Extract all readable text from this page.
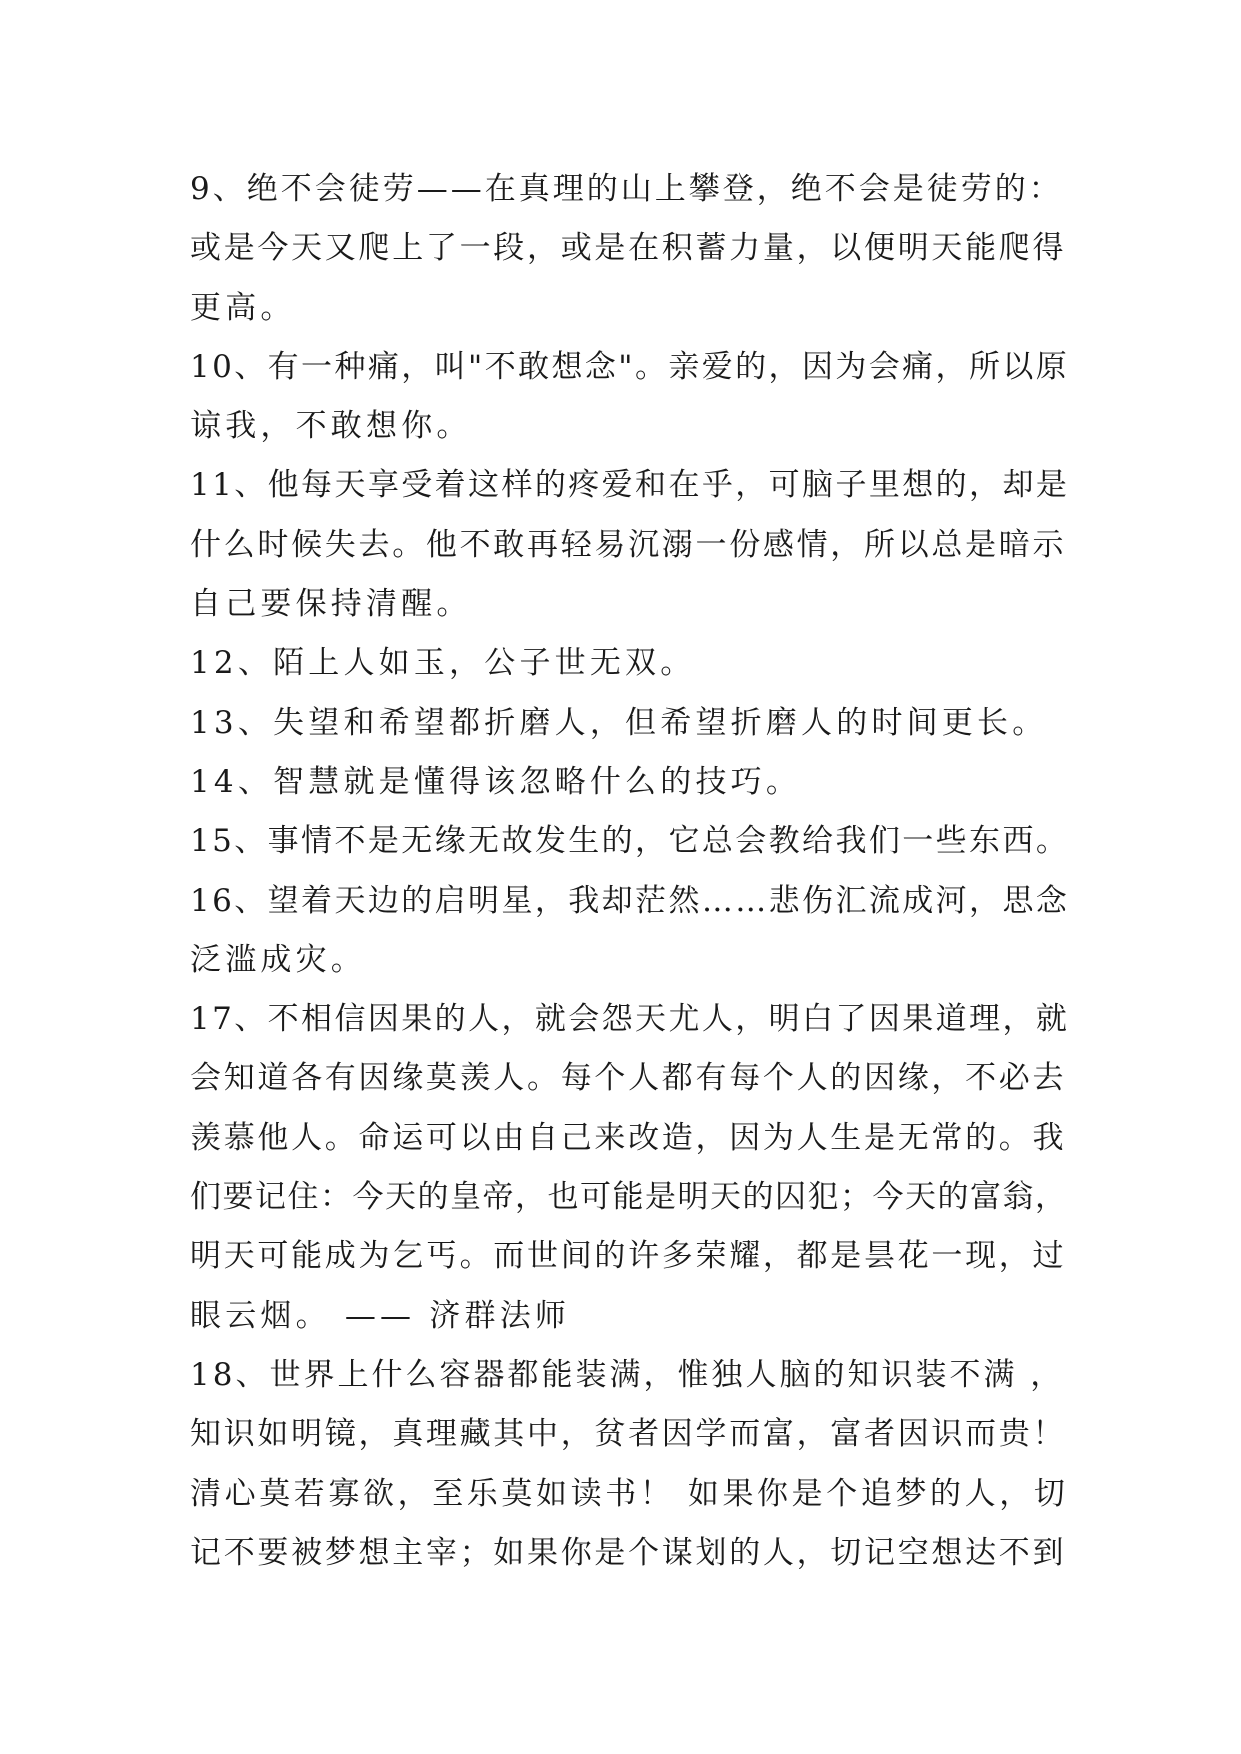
9、绝不会徒劳——在真理的山上攀登，绝不会是徒劳的：
或是今天又爬上了一段，或是在积蓄力量，以便明天能爬得
更高。
10、有一种痛，叫"不敢想念"。亲爱的，因为会痛，所以原
谅我，不敢想你。
11、他每天享受着这样的疼爱和在乎，可脑子里想的，却是
什么时候失去。他不敢再轻易沉溺一份感情，所以总是暗示
自己要保持清醒。
12、陌上人如玉，公子世无双。
13、失望和希望都折磨人，但希望折磨人的时间更长。
14、智慧就是懂得该忽略什么的技巧。
15、事情不是无缘无故发生的，它总会教给我们一些东西。
16、望着天边的启明星，我却茫然……悲伤汇流成河，思念
泛滥成灾。
17、不相信因果的人，就会怨天尤人，明白了因果道理，就
会知道各有因缘莫羡人。每个人都有每个人的因缘，不必去
羡慕他人。命运可以由自己来改造，因为人生是无常的。我
们要记住：今天的皇帝，也可能是明天的囚犯；今天的富翁，
明天可能成为乞丐。而世间的许多荣耀，都是昙花一现，过
眼云烟。 —— 济群法师
18、世界上什么容器都能装满，惟独人脑的知识装不满 ，
知识如明镜，真理藏其中，贫者因学而富，富者因识而贵！
清心莫若寡欲，至乐莫如读书！ 如果你是个追梦的人，切
记不要被梦想主宰；如果你是个谋划的人，切记空想达不到
